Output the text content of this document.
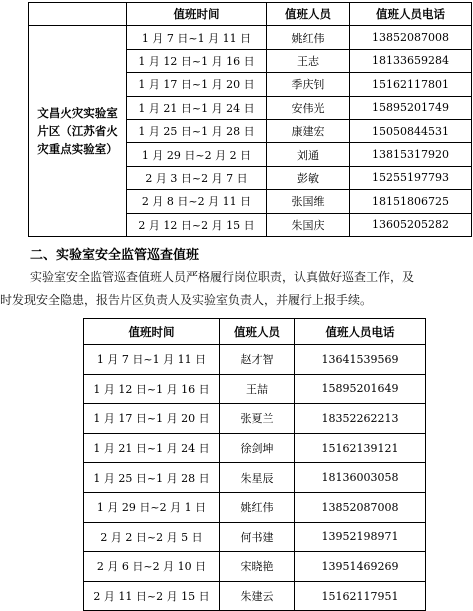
	值班时间	值班人员	值班人员电话
文昌火灾实验室片区（江苏省火灾重点实验室）	1 月 7 日~1 月 11 日	姚红伟	13852087008
	1 月 12 日~1 月 16 日	王志	18133659284
	1 月 17 日~1 月 20 日	季庆钊	15162117801
	1 月 21 日~1 月 24 日	安伟光	15895201749
	1 月 25 日~1 月 28 日	康建宏	15050844531
	1 月 29 日~2 月 2 日	刘通	13815317920
	2 月 3 日~2 月 7 日	彭敏	15255197793
	2 月 8 日~2 月 11 日	张国维	18151806725
	2 月 12 日~2 月 15 日	朱国庆	13605205282
二、实验室安全监管巡查值班
实验室安全监管巡查值班人员严格履行岗位职责，认真做好巡查工作，及
时发现安全隐患，报告片区负责人及实验室负责人，并履行上报手续。
值班时间	值班人员	值班人员电话
1 月 7 日~1 月 11 日	赵才智	13641539569
1 月 12 日~1 月 16 日	王喆	15895201649
1 月 17 日~1 月 20 日	张夏兰	18352262213
1 月 21 日~1 月 24 日	徐剑坤	15162139121
1 月 25 日~1 月 28 日	朱星辰	18136003058
1 月 29 日~2 月 1 日	姚红伟	13852087008
2 月 2 日~2 月 5 日	何书建	13952198971
2 月 6 日~2 月 10 日	宋晓艳	13951469269
2 月 11 日~2 月 15 日	朱建云	15162117951
